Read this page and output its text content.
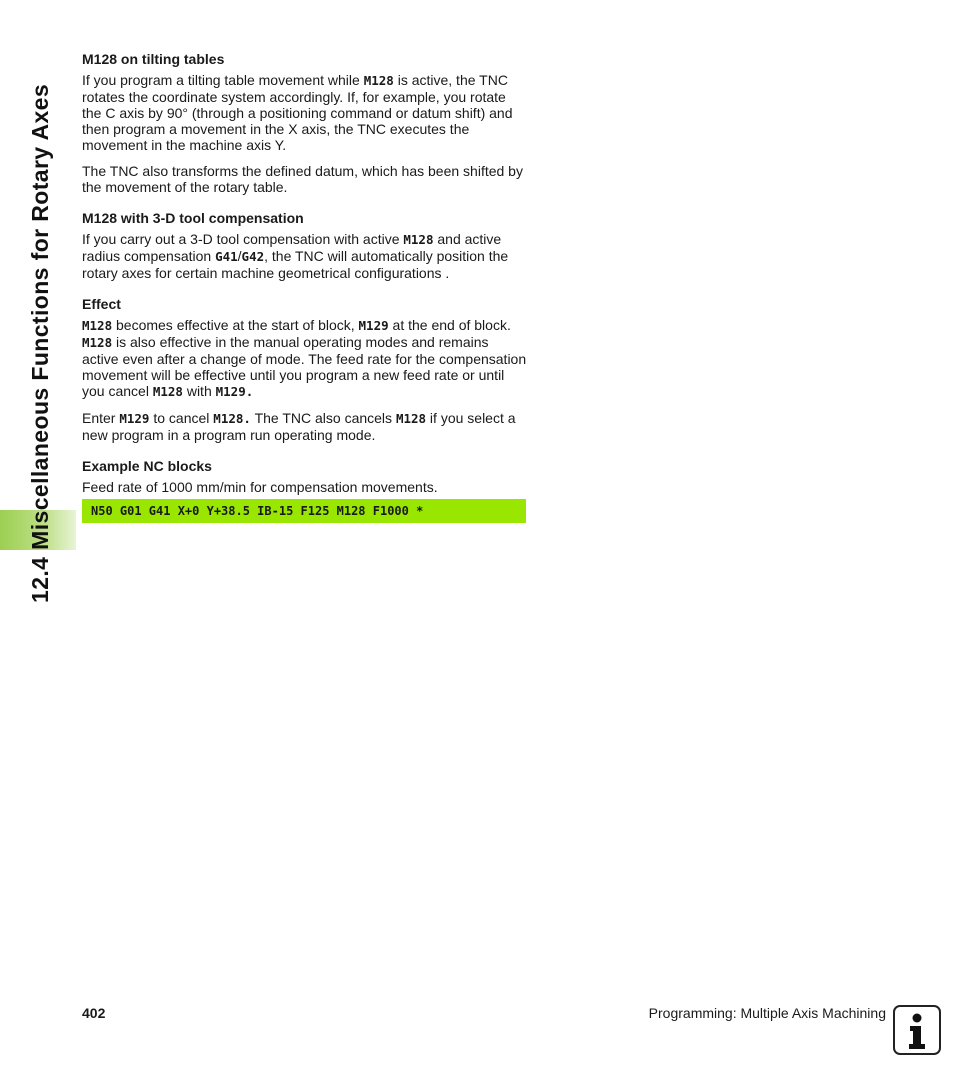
12.4 Miscellaneous Functions for Rotary Axes
M128 on tilting tables

If you program a tilting table movement while M128 is active, the TNC rotates the coordinate system accordingly. If, for example, you rotate the C axis by 90° (through a positioning command or datum shift) and then program a movement in the X axis, the TNC executes the movement in the machine axis Y.

The TNC also transforms the defined datum, which has been shifted by the movement of the rotary table.

M128 with 3-D tool compensation

If you carry out a 3-D tool compensation with active M128 and active radius compensation G41/G42, the TNC will automatically position the rotary axes for certain machine geometrical configurations .

Effect

M128 becomes effective at the start of block, M129 at the end of block. M128 is also effective in the manual operating modes and remains active even after a change of mode. The feed rate for the compensation movement will be effective until you program a new feed rate or until you cancel M128 with M129.

Enter M129 to cancel M128. The TNC also cancels M128 if you select a new program in a program run operating mode.

Example NC blocks

Feed rate of 1000 mm/min for compensation movements.

N50 G01 G41 X+0 Y+38.5 IB-15 F125 M128 F1000 *
402	Programming: Multiple Axis Machining
